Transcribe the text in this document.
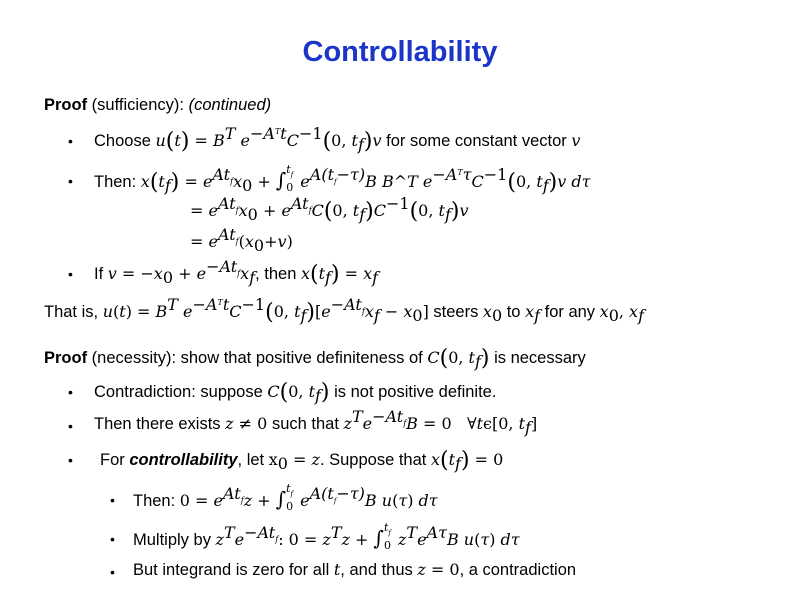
Controllability
Proof (sufficiency): (continued)
• Choose $u(t) = B^T$ $e^{-A^Tt}C^{-1}(0$, $t_f)v$ for some constant vector v
• Then: $x(t_f) = e^{At_f}x_0$ + ∫ $t_f$
0 $e^{A(t_f-\tau)}B$ B^T $e^{-A^T\tau}C^{-1}(0$, $t_f)v$ dτ
= $e^{At_f}x_0 + e^{At_f}C(0$, $t_f)C^{-1}(0$, $t_f)v$
= $e^{At_f}(x_0+v)$
• If $v = -x_0 + e^{-At_f}x_f$, then $x(t_f) = x_f$
That is, $u(t) = B^T$ $e^{-A^Tt}C^{-1}(0$, $t_f)[e^{-At_f}x_f - x_0]$ steers $x_0$ to $x_f$ for any $x_0$, $x_f$
Proof (necessity): show that positive definiteness of C(0, $t_f$) is necessary
• Contradiction: suppose C(0, $t_f$) is not positive definite.
• Then there exists z ≠ 0 such that $z^Te^{-At_f}B = 0$   ∀tϵ[0, $t_f$]
• For controllability, let $x_0 = z$. Suppose that $x(t_f) = 0$
• Then: $0 = e^{At_f}z$ + ∫ $t_f$
0 $e^{A(t_f-\tau)}B$ u(τ) dτ
• Multiply by $z^Te^{-At_f}$: $0 = z^Tz$ + ∫ $t_f$
0 $z^Te^{A\tau}B$ u(τ) dτ
• But integrand is zero for all t, and thus z = 0, a contradiction
